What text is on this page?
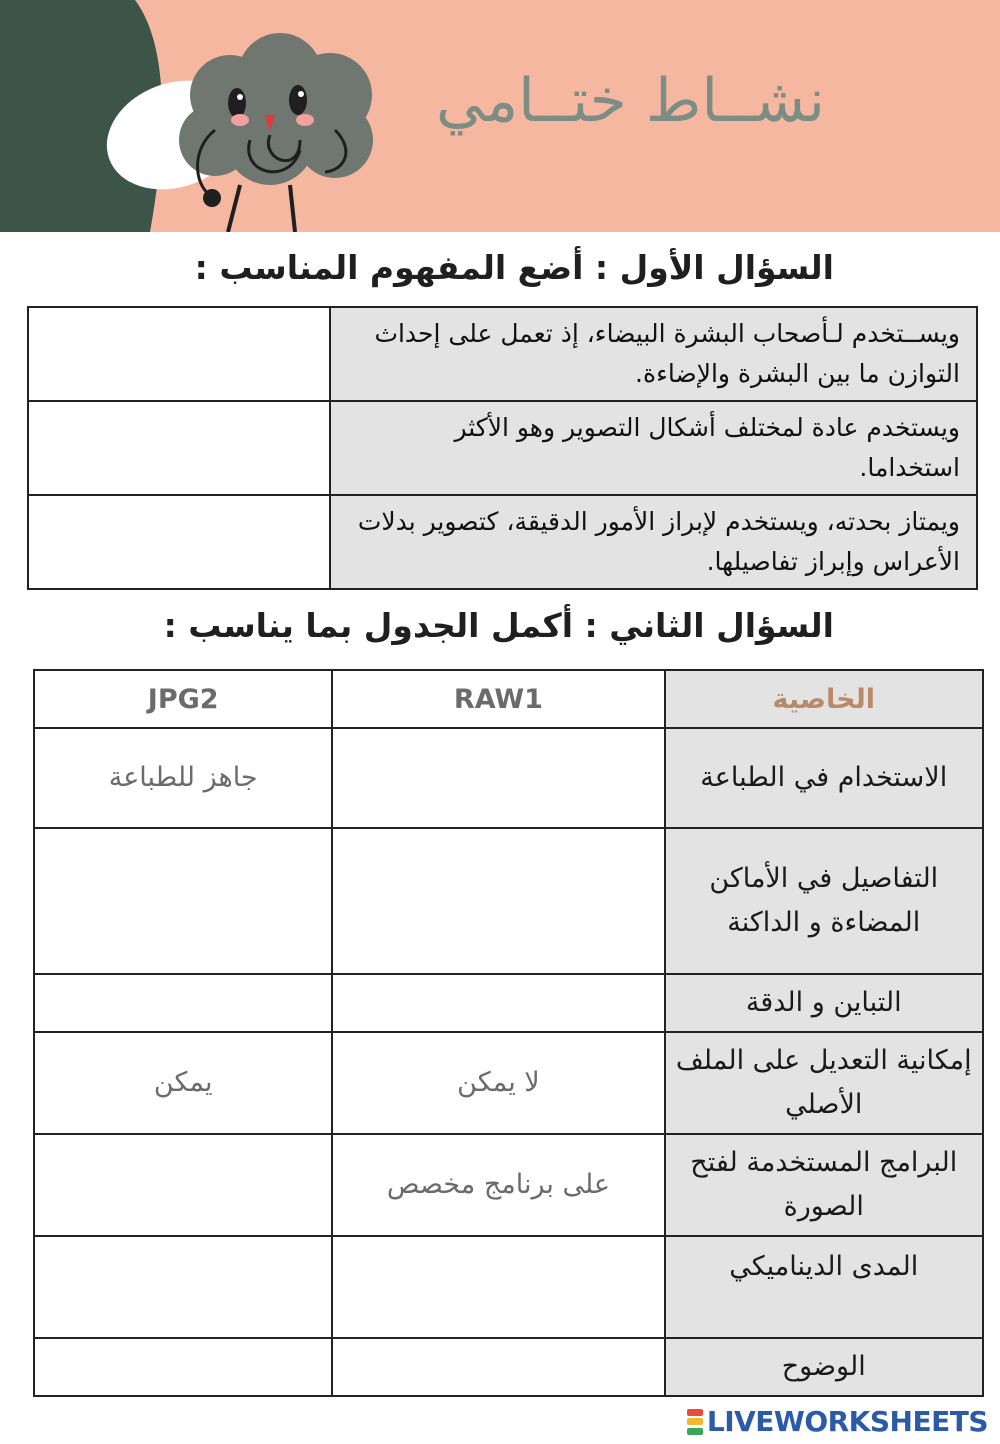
نشــاط ختــامي
السؤال الأول : أضع المفهوم المناسب :
ويســتخدم لـأصحاب البشرة البيضاء، إذ تعمل على إحداث التوازن ما بين البشرة والإضاءة.	
ويستخدم عادة لمختلف أشكال التصوير وهو الأكثر استخداما.	
ويمتاز بحدته، ويستخدم لإبراز الأمور الدقيقة، كتصوير بدلات الأعراس وإبراز تفاصيلها.	
السؤال الثاني : أكمل الجدول بما يناسب :
الخاصية	RAW1	JPG2
الاستخدام في الطباعة		جاهز للطباعة
التفاصيل في الأماكن المضاءة و الداكنة		
التباين و الدقة		
إمكانية التعديل على الملف الأصلي	لا يمكن	يمكن
البرامج المستخدمة لفتح الصورة	على برنامج مخصص	
المدى الديناميكي		
الوضوح		
LIVEWORKSHEETS
